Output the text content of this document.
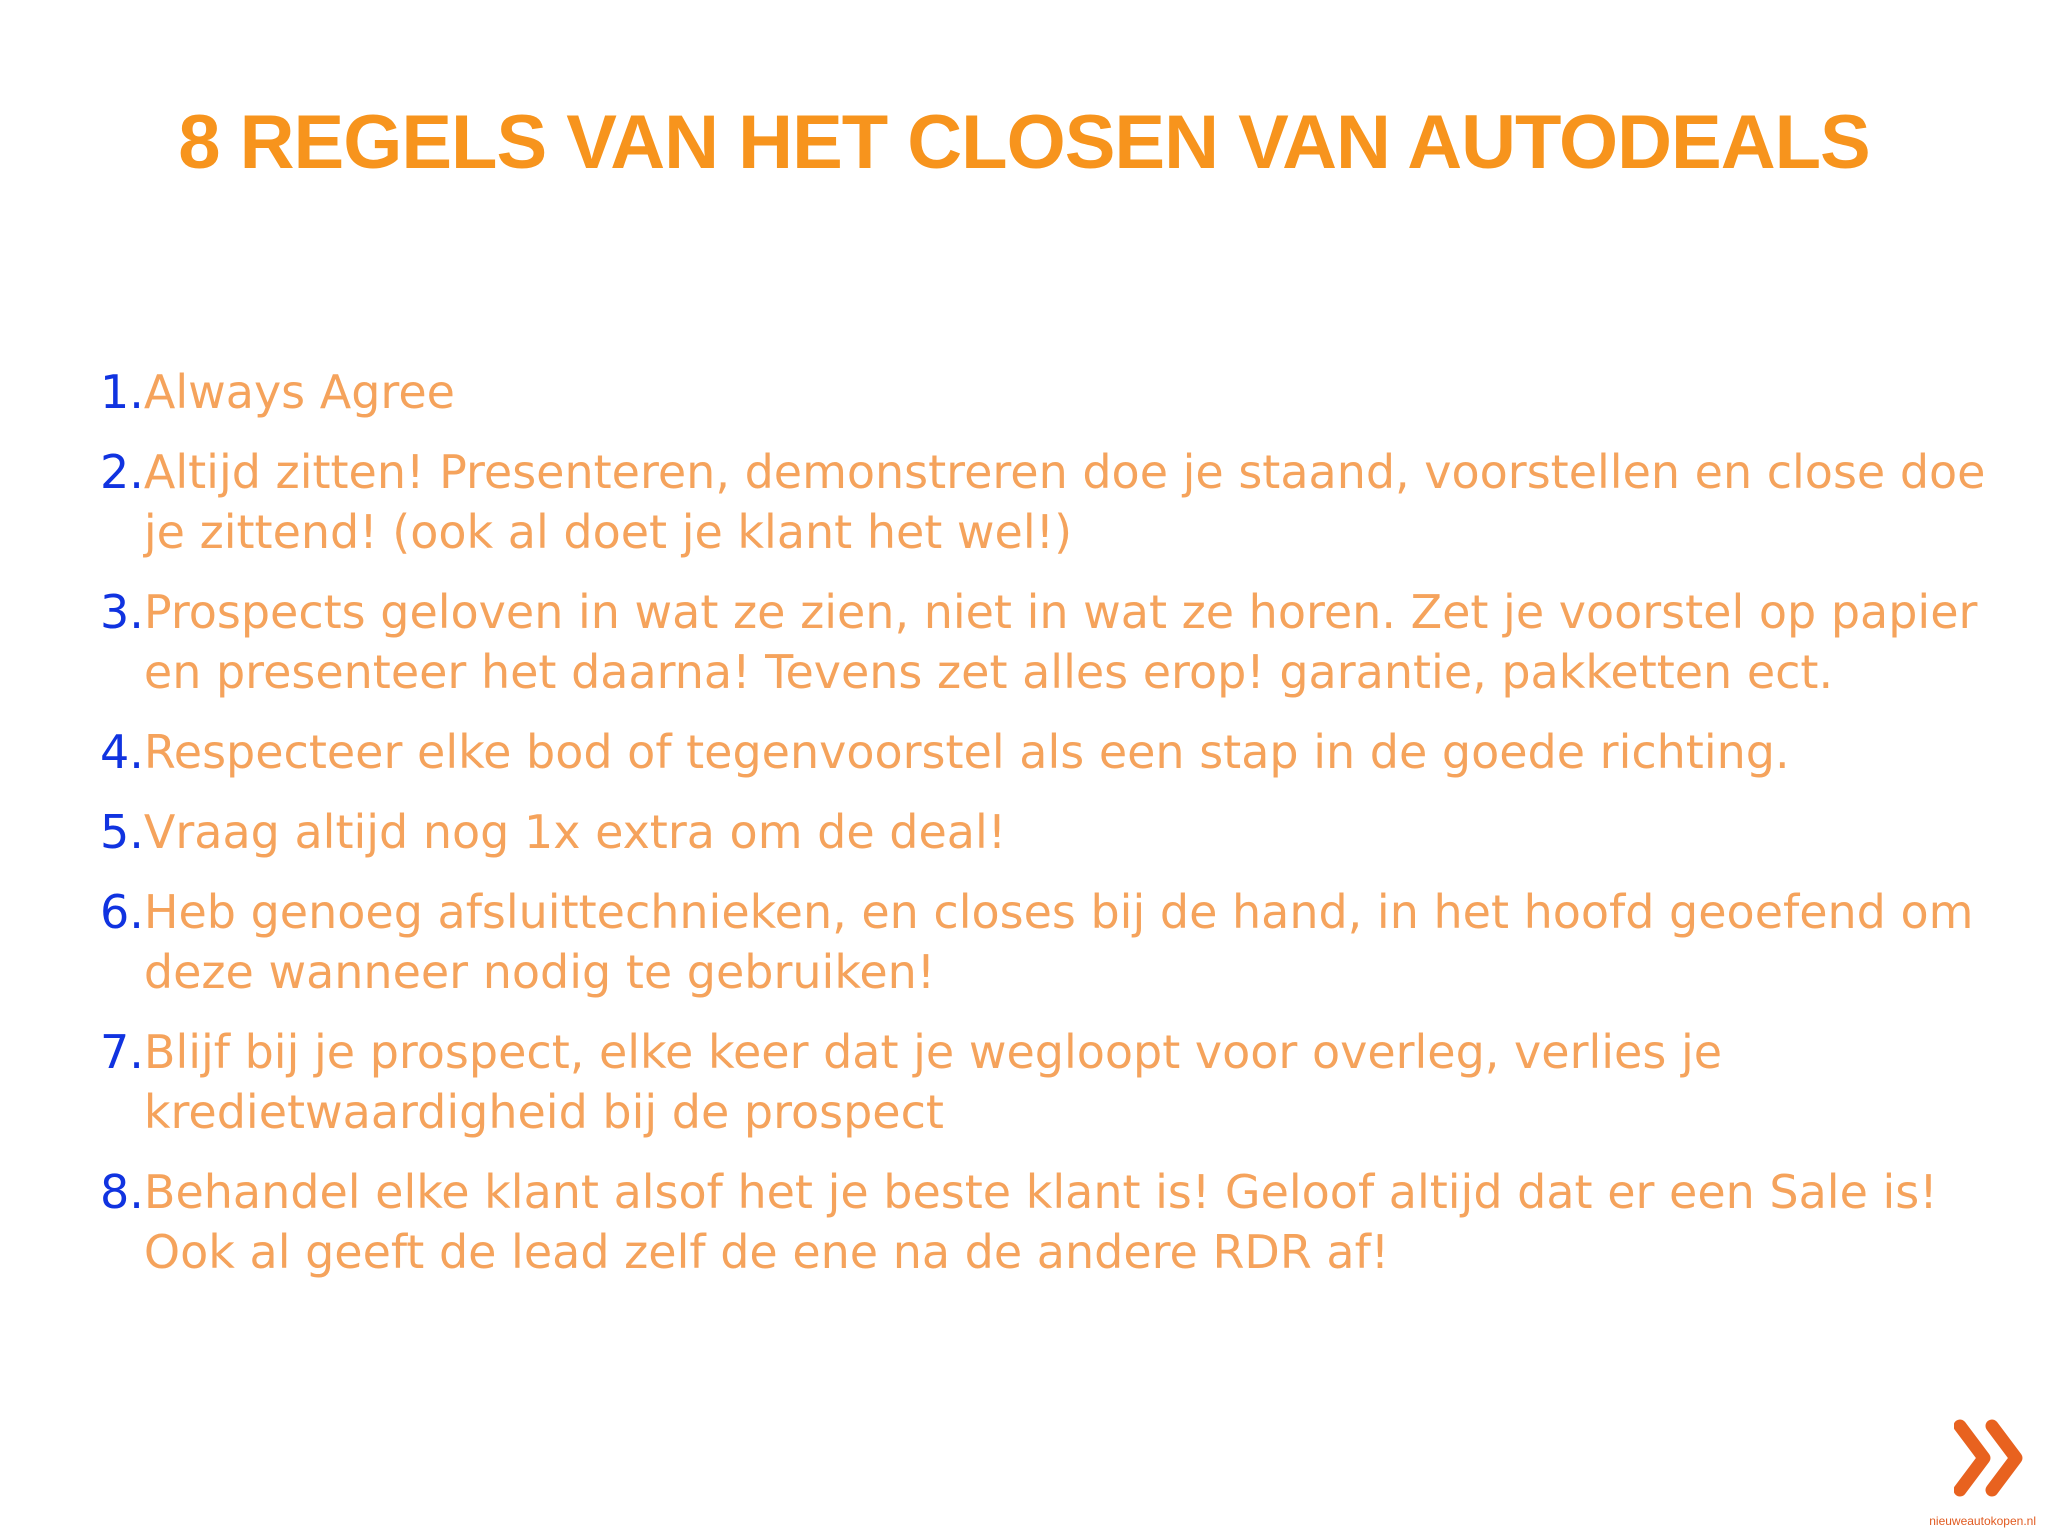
8 REGELS VAN HET CLOSEN VAN AUTODEALS
1. Always Agree
2. Altijd zitten! Presenteren, demonstreren doe je staand, voorstellen en close doe je zittend! (ook al doet je klant het wel!)
3. Prospects geloven in wat ze zien, niet in wat ze horen. Zet je voorstel op papier en presenteer het daarna! Tevens zet alles erop! garantie, pakketten ect.
4. Respecteer elke bod of tegenvoorstel als een stap in de goede richting.
5. Vraag altijd nog 1x extra om de deal!
6. Heb genoeg afsluittechnieken, en closes bij de hand, in het hoofd geoefend om deze wanneer nodig te gebruiken!
7. Blijf bij je prospect, elke keer dat je wegloopt voor overleg, verlies je kredietwaardigheid bij de prospect
8. Behandel elke klant alsof het je beste klant is! Geloof altijd dat er een Sale is! Ook al geeft de lead zelf de ene na de andere RDR af!
nieuweautokopen.nl
